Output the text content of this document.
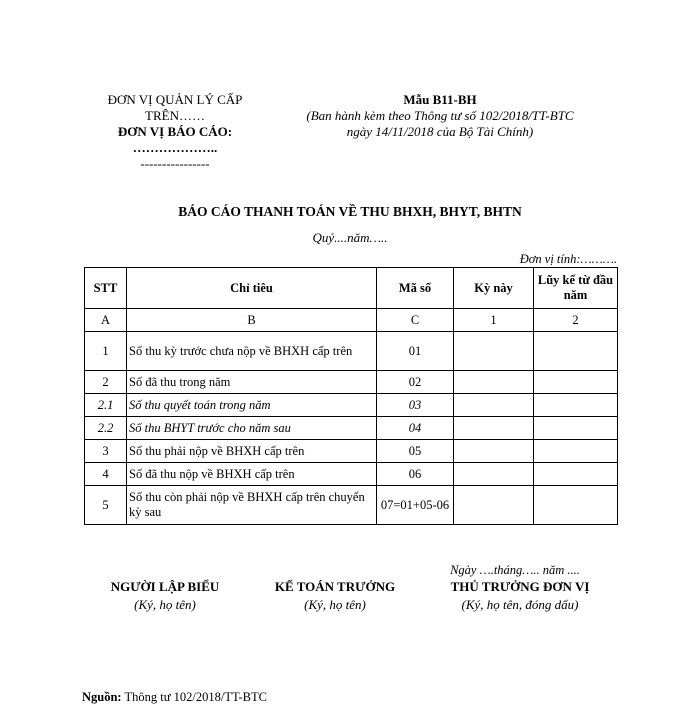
ĐƠN VỊ QUẢN LÝ CẤP TRÊN……
ĐƠN VỊ BÁO CÁO:
………………..
----------------
Mẫu B11-BH
(Ban hành kèm theo Thông tư số 102/2018/TT-BTC
ngày 14/11/2018 của Bộ Tài Chính)
BÁO CÁO THANH TOÁN VỀ THU BHXH, BHYT, BHTN
Quý....năm…..
Đơn vị tính:……….
STT	Chỉ tiêu	Mã số	Kỳ này	Lũy kế từ đầu năm
A	B	C	1	2
1	Số thu kỳ trước chưa nộp về BHXH cấp trên	01		
2	Số đã thu trong năm	02		
2.1	Số thu quyết toán trong năm	03		
2.2	Số thu BHYT trước cho năm sau	04		
3	Số thu phải nộp về BHXH cấp trên	05		
4	Số đã thu nộp về BHXH cấp trên	06		
5	Số thu còn phải nộp về BHXH cấp trên chuyển kỳ sau	07=01+05-06		
Ngày ….tháng….. năm ....
NGƯỜI LẬP BIỂU
(Ký, họ tên)
KẾ TOÁN TRƯỞNG
(Ký, họ tên)
THỦ TRƯỞNG ĐƠN VỊ
(Ký, họ tên, đóng dấu)
Nguồn: Thông tư 102/2018/TT-BTC
